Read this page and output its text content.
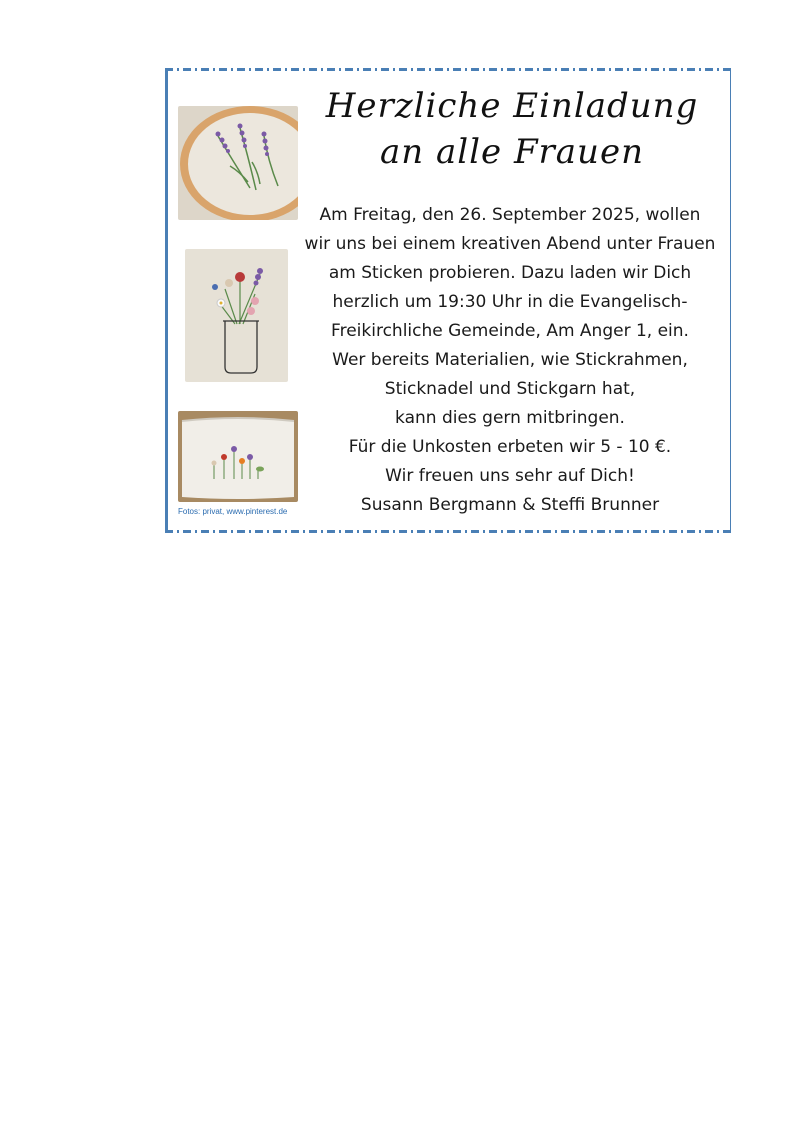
Fotos: privat, www.pinterest.de
Herzliche Einladung
an alle Frauen
Am Freitag, den 26. September 2025, wollen
wir uns bei einem kreativen Abend unter Frauen
am Sticken probieren. Dazu laden wir Dich
herzlich um 19:30 Uhr in die Evangelisch-
Freikirchliche Gemeinde, Am Anger 1, ein.
Wer bereits Materialien, wie Stickrahmen,
Sticknadel und Stickgarn hat,
kann dies gern mitbringen.
Für die Unkosten erbeten wir 5 - 10 €.
Wir freuen uns sehr auf Dich!
Susann Bergmann & Steffi Brunner
